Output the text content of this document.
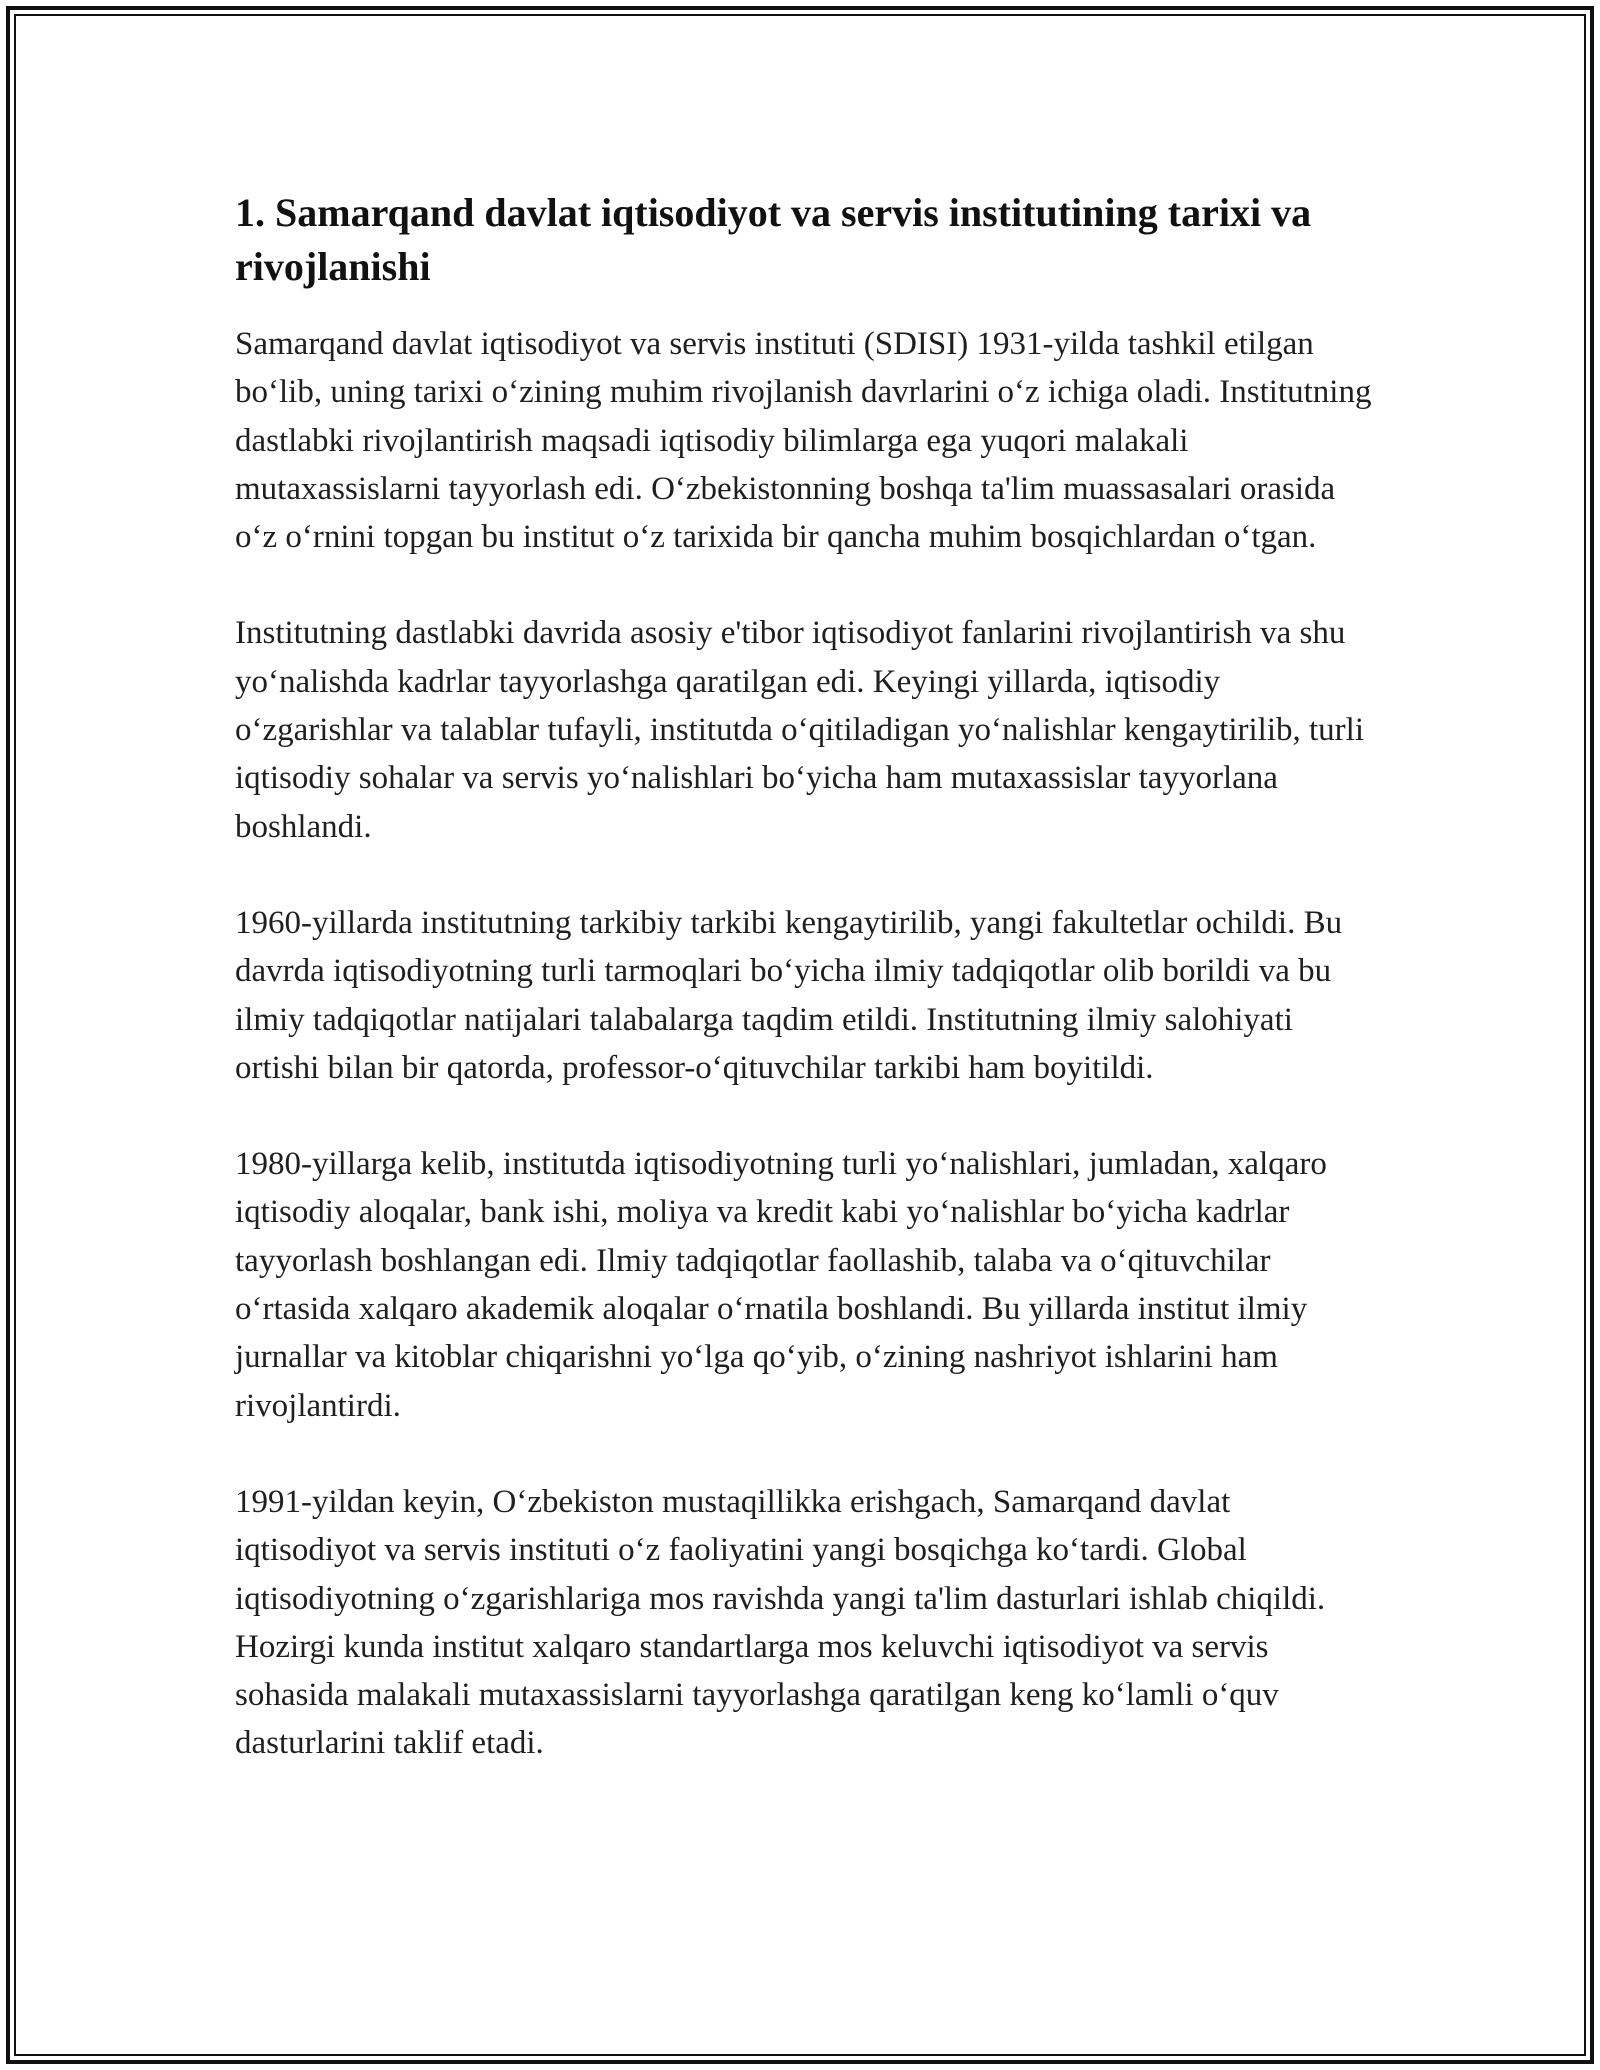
1. Samarqand davlat iqtisodiyot va servis institutining tarixi va rivojlanishi

Samarqand davlat iqtisodiyot va servis instituti (SDISI) 1931-yilda tashkil etilgan bo‘lib, uning tarixi o‘zining muhim rivojlanish davrlarini o‘z ichiga oladi. Institutning dastlabki rivojlantirish maqsadi iqtisodiy bilimlarga ega yuqori malakali mutaxassislarni tayyorlash edi. O‘zbekistonning boshqa ta'lim muassasalari orasida o‘z o‘rnini topgan bu institut o‘z tarixida bir qancha muhim bosqichlardan o‘tgan.

Institutning dastlabki davrida asosiy e'tibor iqtisodiyot fanlarini rivojlantirish va shu yo‘nalishda kadrlar tayyorlashga qaratilgan edi. Keyingi yillarda, iqtisodiy o‘zgarishlar va talablar tufayli, institutda o‘qitiladigan yo‘nalishlar kengaytirilib, turli iqtisodiy sohalar va servis yo‘nalishlari bo‘yicha ham mutaxassislar tayyorlana boshlandi.

1960-yillarda institutning tarkibiy tarkibi kengaytirilib, yangi fakultetlar ochildi. Bu davrda iqtisodiyotning turli tarmoqlari bo‘yicha ilmiy tadqiqotlar olib borildi va bu ilmiy tadqiqotlar natijalari talabalarga taqdim etildi. Institutning ilmiy salohiyati ortishi bilan bir qatorda, professor-o‘qituvchilar tarkibi ham boyitildi.

1980-yillarga kelib, institutda iqtisodiyotning turli yo‘nalishlari, jumladan, xalqaro iqtisodiy aloqalar, bank ishi, moliya va kredit kabi yo‘nalishlar bo‘yicha kadrlar tayyorlash boshlangan edi. Ilmiy tadqiqotlar faollashib, talaba va o‘qituvchilar o‘rtasida xalqaro akademik aloqalar o‘rnatila boshlandi. Bu yillarda institut ilmiy jurnallar va kitoblar chiqarishni yo‘lga qo‘yib, o‘zining nashriyot ishlarini ham rivojlantirdi.

1991-yildan keyin, O‘zbekiston mustaqillikka erishgach, Samarqand davlat iqtisodiyot va servis instituti o‘z faoliyatini yangi bosqichga ko‘tardi. Global iqtisodiyotning o‘zgarishlariga mos ravishda yangi ta'lim dasturlari ishlab chiqildi. Hozirgi kunda institut xalqaro standartlarga mos keluvchi iqtisodiyot va servis sohasida malakali mutaxassislarni tayyorlashga qaratilgan keng ko‘lamli o‘quv dasturlarini taklif etadi.
